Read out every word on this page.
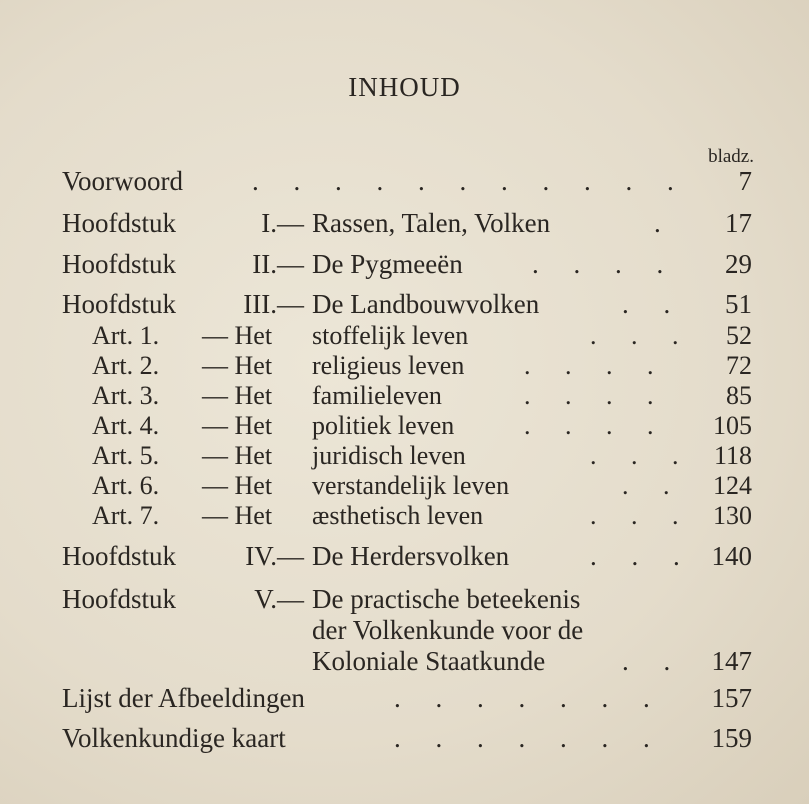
INHOUD
bladz.
Voorwoord	. . . . . . . . . . . 7
Hoofdstuk	I.— Rassen, Talen, Volken	. 17
Hoofdstuk	II.— De Pygmeeën	. . . . 29
Hoofdstuk	III.— De Landbouwvolken	. . 51
Art. 1. — Het stoffelijk leven	. . . 52
Art. 2. — Het religieus leven . . . . 72
Art. 3. — Het familieleven	. . . . 85
Art. 4. — Het politiek leven	. . . . 105
Art. 5. — Het juridisch leven	. . . 118
Art. 6. — Het verstandelijk leven	. . 124
Art. 7. — Het æsthetisch leven	. . . 130
Hoofdstuk	IV.— De Herdersvolken	. . . 140
Hoofdstuk	V.— De practische beteekenis
der Volkenkunde voor de
Koloniale Staatkunde	. . 147
Lijst der Afbeeldingen	. . . . . . . 157
Volkenkundige kaart	. . . . . . . 159
